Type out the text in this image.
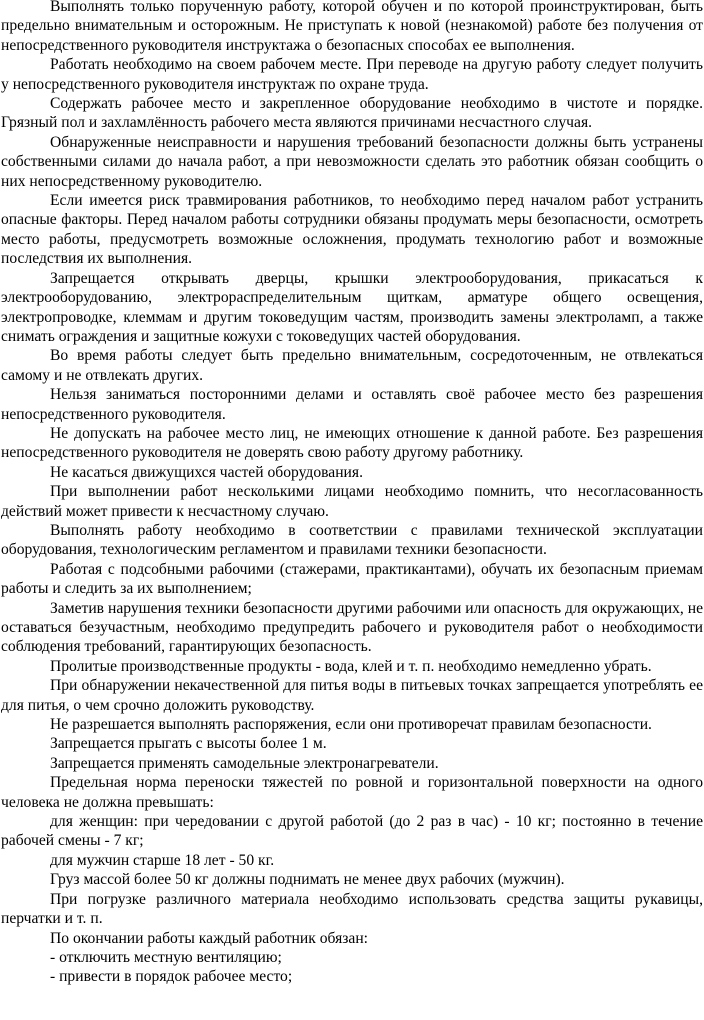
Выполнять только порученную работу, которой обучен и по которой проинструктирован, быть предельно внимательным и осторожным. Не приступать к новой (незнакомой) работе без получения от непосредственного руководителя инструктажа о безопасных способах ее выполнения.

Работать необходимо на своем рабочем месте. При переводе на другую работу следует получить у непосредственного руководителя инструктаж по охране труда.

Содержать рабочее место и закрепленное оборудование необходимо в чистоте и порядке. Грязный пол и захламлённость рабочего места являются причинами несчастного случая.

Обнаруженные неисправности и нарушения требований безопасности должны быть устранены собственными силами до начала работ, а при невозможности сделать это работник обязан сообщить о них непосредственному руководителю.

Если имеется риск травмирования работников, то необходимо перед началом работ устранить опасные факторы. Перед началом работы сотрудники обязаны продумать меры безопасности, осмотреть место работы, предусмотреть возможные осложнения, продумать технологию работ и возможные последствия их выполнения.

Запрещается открывать дверцы, крышки электрооборудования, прикасаться к электрооборудованию, электрораспределительным щиткам, арматуре общего освещения, электропроводке, клеммам и другим токоведущим частям, производить замены электроламп, а также снимать ограждения и защитные кожухи с токоведущих частей оборудования.

Во время работы следует быть предельно внимательным, сосредоточенным, не отвлекаться самому и не отвлекать других.

Нельзя заниматься посторонними делами и оставлять своё рабочее место без разрешения непосредственного руководителя.

Не допускать на рабочее место лиц, не имеющих отношение к данной работе. Без разрешения непосредственного руководителя не доверять свою работу другому работнику.

Не касаться движущихся частей оборудования.

При выполнении работ несколькими лицами необходимо помнить, что несогласованность действий может привести к несчастному случаю.

Выполнять работу необходимо в соответствии с правилами технической эксплуатации оборудования, технологическим регламентом и правилами техники безопасности.

Работая с подсобными рабочими (стажерами, практикантами), обучать их безопасным приемам работы и следить за их выполнением;

Заметив нарушения техники безопасности другими рабочими или опасность для окружающих, не оставаться безучастным, необходимо предупредить рабочего и руководителя работ о необходимости соблюдения требований, гарантирующих безопасность.

Пролитые производственные продукты - вода, клей и т. п. необходимо немедленно убрать.

При обнаружении некачественной для питья воды в питьевых точках запрещается употреблять ее для питья, о чем срочно доложить руководству.

Не разрешается выполнять распоряжения, если они противоречат правилам безопасности.

Запрещается прыгать с высоты более 1 м.

Запрещается применять самодельные электронагреватели.

Предельная норма переноски тяжестей по ровной и горизонтальной поверхности на одного человека не должна превышать:

для женщин: при чередовании с другой работой (до 2 раз в час) - 10 кг; постоянно в течение рабочей смены - 7 кг;

для мужчин старше 18 лет - 50 кг.

Груз массой более 50 кг должны поднимать не менее двух рабочих (мужчин).

При погрузке различного материала необходимо использовать средства защиты рукавицы, перчатки и т. п.

По окончании работы каждый работник обязан:

- отключить местную вентиляцию;

- привести в порядок рабочее место;
